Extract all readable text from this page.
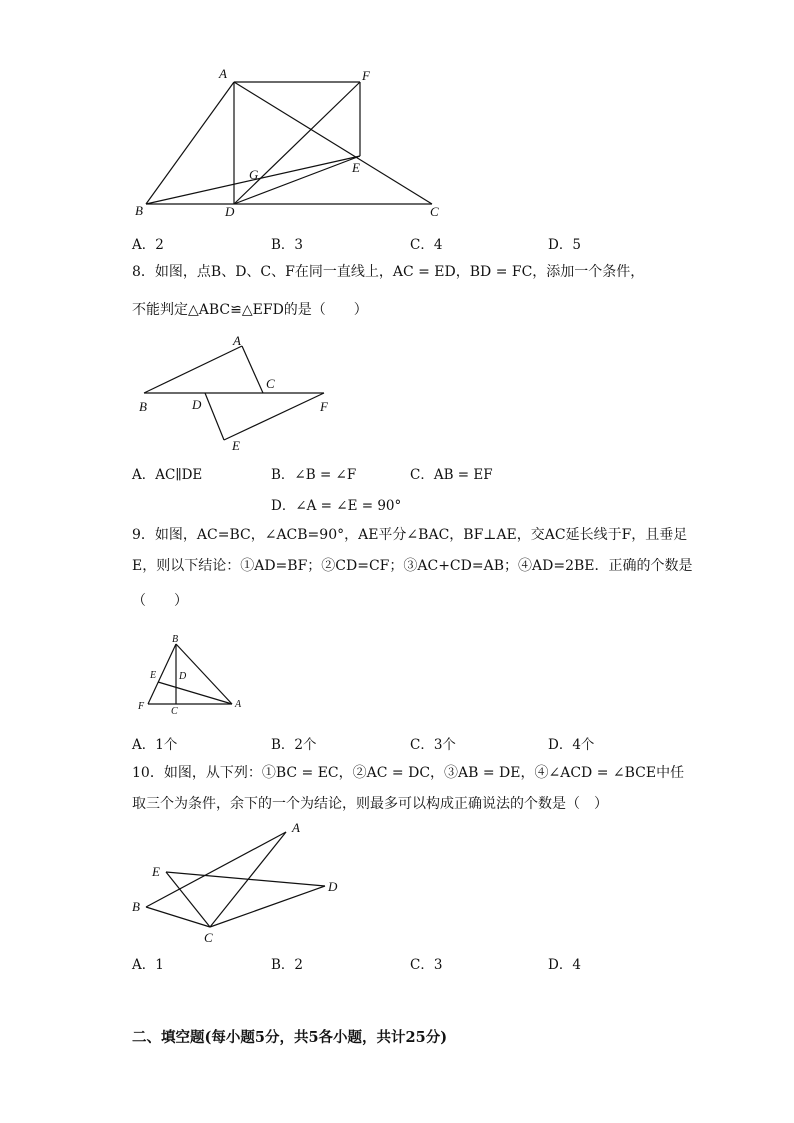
A	F
G	E
B	D	C
A．2	B．3	C．4	D．5
8．如图，点B、D、C、F在同一直线上，AC = ED，BD = FC，添加一个条件，
不能判定△ABC≌△EFD的是（　　）
A
B	D
C
F
E
A．AC∥DE	B．∠B = ∠F	C．AB = EF
D．∠A = ∠E = 90°
9．如图，AC=BC，∠ACB=90°，AE平分∠BAC，BF⊥AE，交AC延长线于F，且垂足
E，则以下结论：①AD=BF；②CD=CF；③AC+CD=AB；④AD=2BE．正确的个数是
（　　）
B
E D
F	C
A
A．1个	B．2个	C．3个	D．4个
10．如图，从下列：①BC = EC，②AC = DC，③AB = DE，④∠ACD = ∠BCE中任
取三个为条件，余下的一个为结论，则最多可以构成正确说法的个数是（　）
A
E
D
B
C
A．1	B．2	C．3	D．4
二、填空题(每小题5分，共5各小题，共计25分)
